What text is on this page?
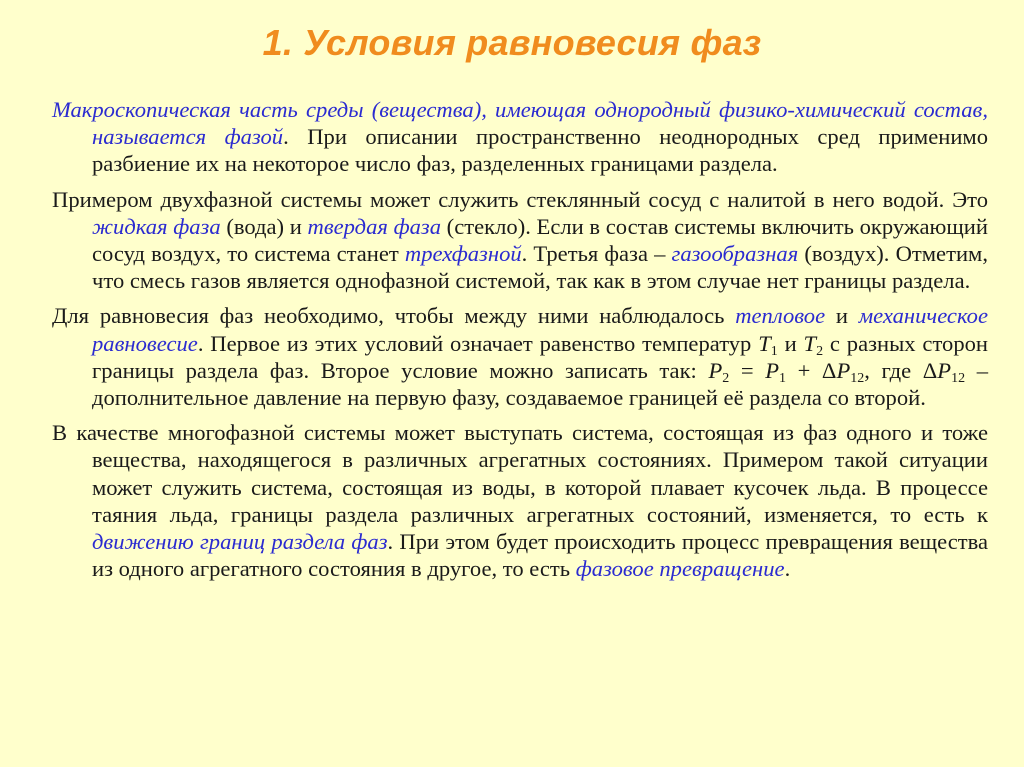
1. Условия равновесия фаз

Макроскопическая часть среды (вещества), имеющая однородный физико-химический состав, называется фазой. При описании пространственно неоднородных сред применимо разбиение их на некоторое число фаз, разделенных границами раздела.

Примером двухфазной системы может служить стеклянный сосуд с налитой в него водой. Это жидкая фаза (вода) и твердая фаза (стекло). Если в состав системы включить окружающий сосуд воздух, то система станет трехфазной. Третья фаза – газообразная (воздух). Отметим, что смесь газов является однофазной системой, так как в этом случае нет границы раздела.

Для равновесия фаз необходимо, чтобы между ними наблюдалось тепловое и механическое равновесие. Первое из этих условий означает равенство температур $T_1$ и $T_2$ с разных сторон границы раздела фаз. Второе условие можно записать так: $P_2 = P_1 + \Delta P_{12}$, где $\Delta P_{12}$ – дополнительное давление на первую фазу, создаваемое границей её раздела со второй.

В качестве многофазной системы может выступать система, состоящая из фаз одного и тоже вещества, находящегося в различных агрегатных состояниях. Примером такой ситуации может служить система, состоящая из воды, в которой плавает кусочек льда. В процессе таяния льда, границы раздела различных агрегатных состояний, изменяется, то есть к движению границ раздела фаз. При этом будет происходить процесс превращения вещества из одного агрегатного состояния в другое, то есть фазовое превращение.
